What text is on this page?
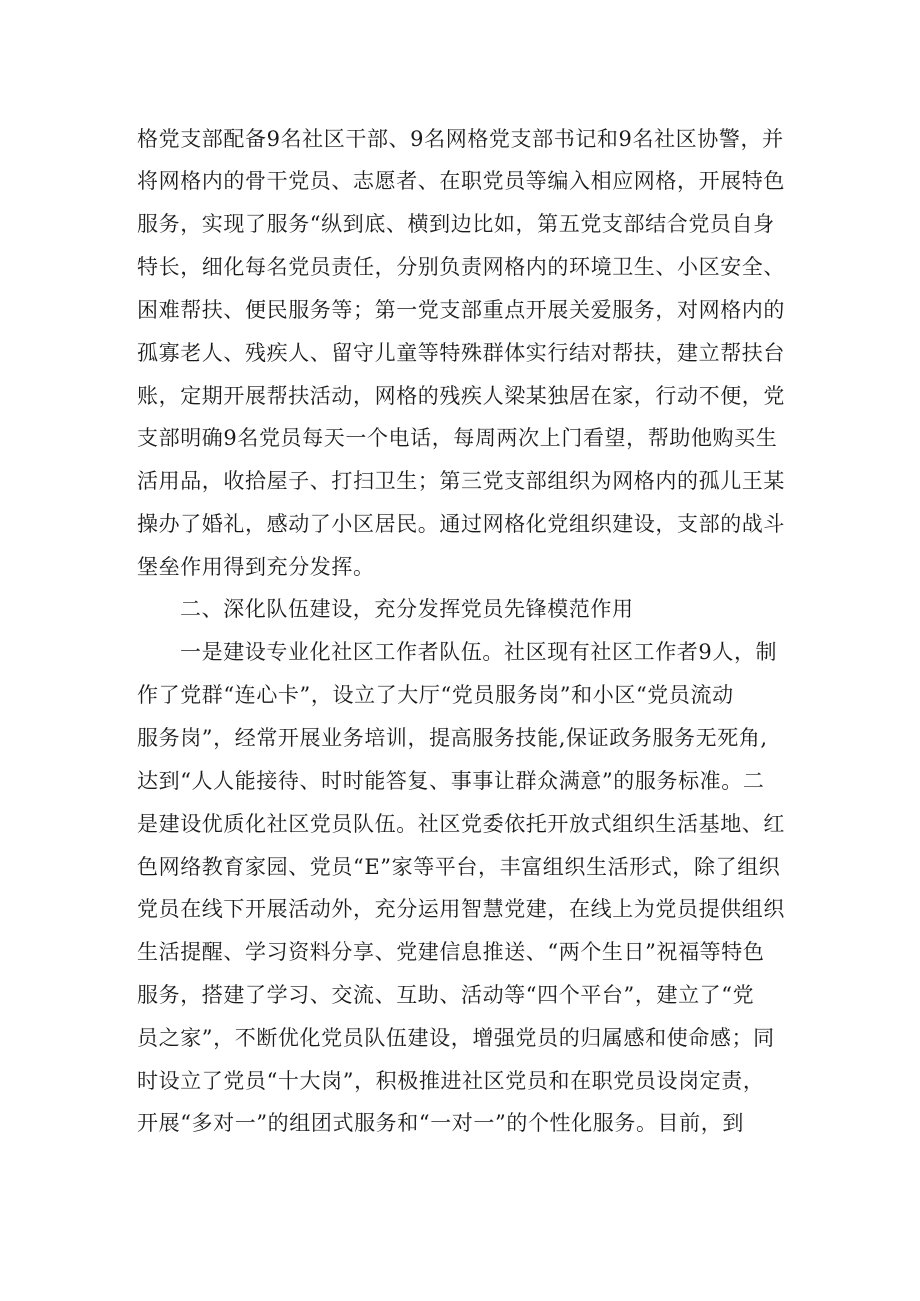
格党支部配备9名社区干部、9名网格党支部书记和9名社区协警，并
将网格内的骨干党员、志愿者、在职党员等编入相应网格，开展特色
服务，实现了服务“纵到底、横到边比如，第五党支部结合党员自身
特长，细化每名党员责任，分别负责网格内的环境卫生、小区安全、
困难帮扶、便民服务等；第一党支部重点开展关爱服务，对网格内的
孤寡老人、残疾人、留守儿童等特殊群体实行结对帮扶，建立帮扶台
账，定期开展帮扶活动，网格的残疾人梁某独居在家，行动不便，党
支部明确9名党员每天一个电话，每周两次上门看望，帮助他购买生
活用品，收拾屋子、打扫卫生；第三党支部组织为网格内的孤儿王某
操办了婚礼，感动了小区居民。通过网格化党组织建设，支部的战斗
堡垒作用得到充分发挥。
二、深化队伍建设，充分发挥党员先锋模范作用
一是建设专业化社区工作者队伍。社区现有社区工作者9人，制
作了党群“连心卡”，设立了大厅“党员服务岗”和小区“党员流动
服务岗”，经常开展业务培训，提高服务技能,保证政务服务无死角,
达到“人人能接待、时时能答复、事事让群众满意”的服务标准。二
是建设优质化社区党员队伍。社区党委依托开放式组织生活基地、红
色网络教育家园、党员“E”家等平台，丰富组织生活形式，除了组织
党员在线下开展活动外，充分运用智慧党建，在线上为党员提供组织
生活提醒、学习资料分享、党建信息推送、“两个生日”祝福等特色
服务，搭建了学习、交流、互助、活动等“四个平台”，建立了“党
员之家”，不断优化党员队伍建设，增强党员的归属感和使命感；同
时设立了党员“十大岗”，积极推进社区党员和在职党员设岗定责，
开展“多对一”的组团式服务和“一对一”的个性化服务。目前，到
